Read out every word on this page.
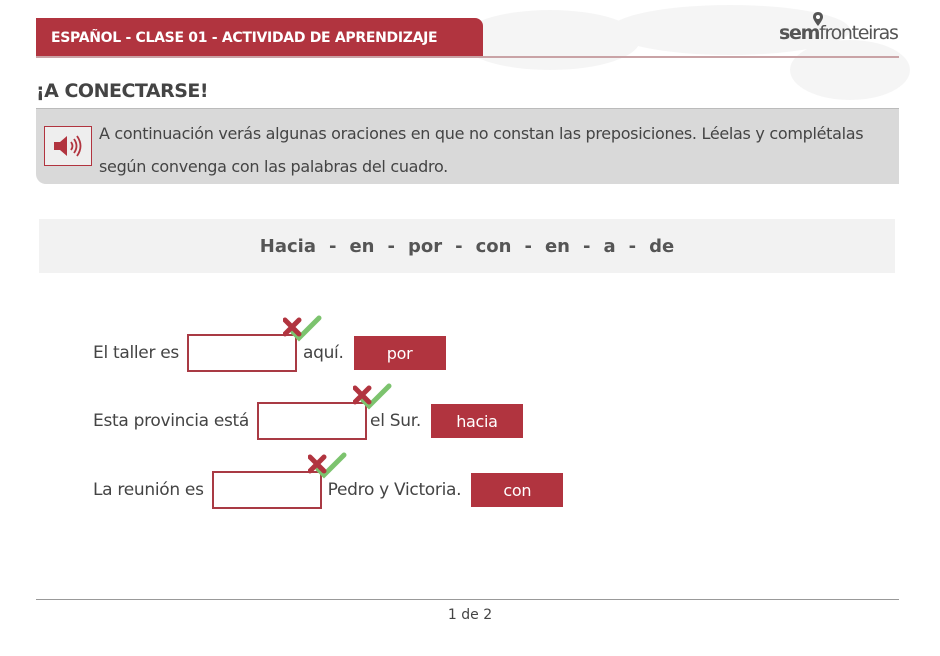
ESPAÑOL - CLASE 01 - ACTIVIDAD DE APRENDIZAJE	semfronteiras
¡A CONECTARSE!
A continuación verás algunas oraciones en que no constan las preposiciones. Léelas y complétalas según convenga con las palabras del cuadro.
Hacia - en - por - con - en - a - de
El taller es	aquí.	por
Esta provincia está	el Sur.	hacia
La reunión es	Pedro y Victoria.	con
1 de 2
